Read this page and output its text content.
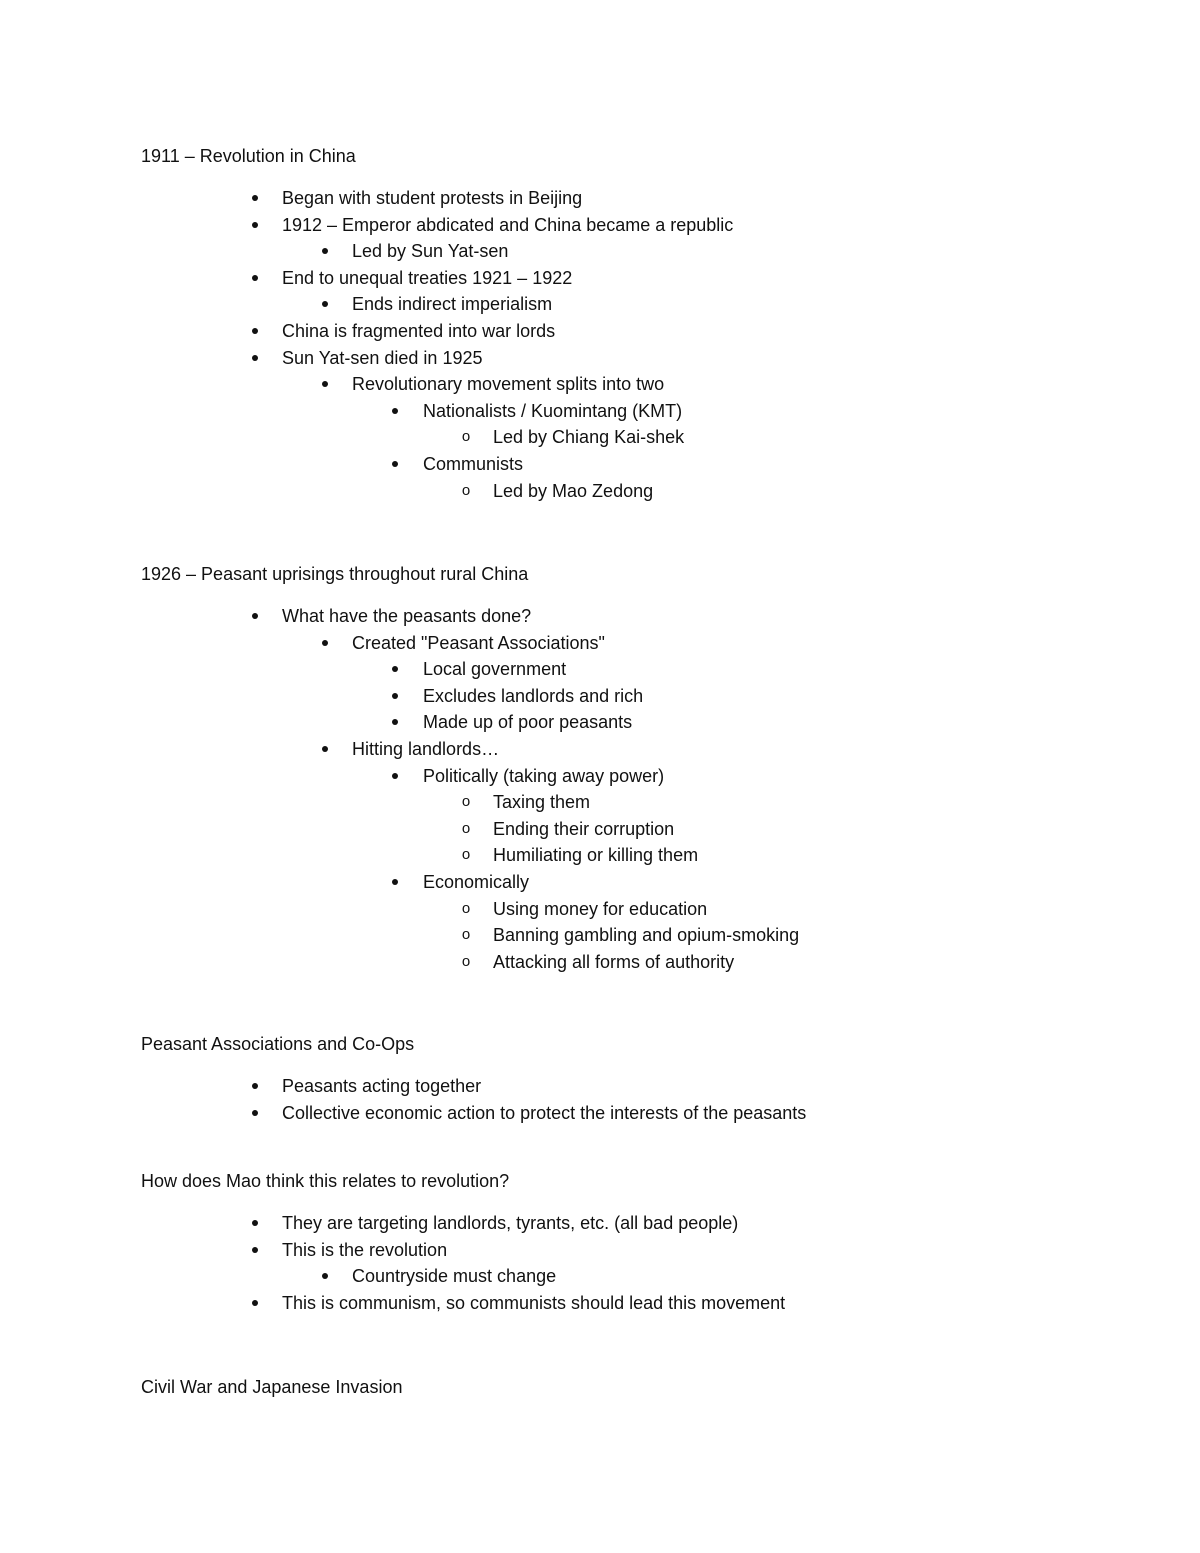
1911 – Revolution in China
Began with student protests in Beijing
1912 – Emperor abdicated and China became a republic
Led by Sun Yat-sen
End to unequal treaties 1921 – 1922
Ends indirect imperialism
China is fragmented into war lords
Sun Yat-sen died in 1925
Revolutionary movement splits into two
Nationalists / Kuomintang (KMT)
o	Led by Chiang Kai-shek
Communists
o	Led by Mao Zedong
1926 – Peasant uprisings throughout rural China
What have the peasants done?
Created "Peasant Associations"
Local government
Excludes landlords and rich
Made up of poor peasants
Hitting landlords…
Politically (taking away power)
o	Taxing them
o	Ending their corruption
o	Humiliating or killing them
Economically
o	Using money for education
o	Banning gambling and opium-smoking
o	Attacking all forms of authority
Peasant Associations and Co-Ops
Peasants acting together
Collective economic action to protect the interests of the peasants
How does Mao think this relates to revolution?
They are targeting landlords, tyrants, etc. (all bad people)
This is the revolution
Countryside must change
This is communism, so communists should lead this movement
Civil War and Japanese Invasion
